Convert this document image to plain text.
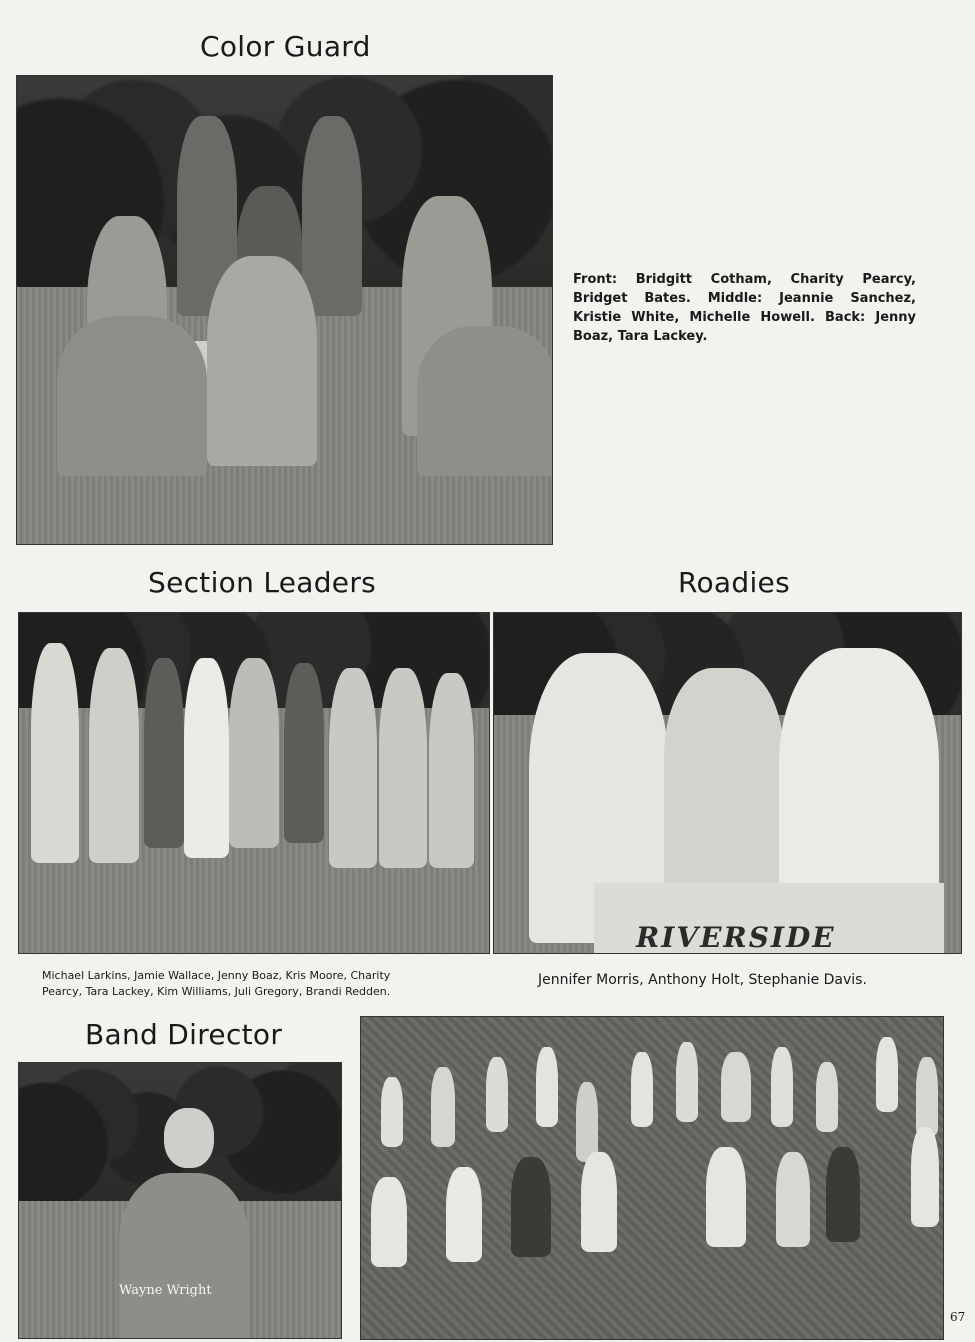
Color Guard
Front: Bridgitt Cotham, Charity Pearcy, Bridget Bates. Middle: Jeannie Sanchez, Kristie White, Michelle Howell. Back: Jenny Boaz, Tara Lackey.
Section Leaders
Michael Larkins, Jamie Wallace, Jenny Boaz, Kris Moore, Charity
Pearcy, Tara Lackey, Kim Williams, Juli Gregory, Brandi Redden.
Roadies
RIVERSIDE
Jennifer Morris, Anthony Holt, Stephanie Davis.
Band Director
Wayne Wright
67
